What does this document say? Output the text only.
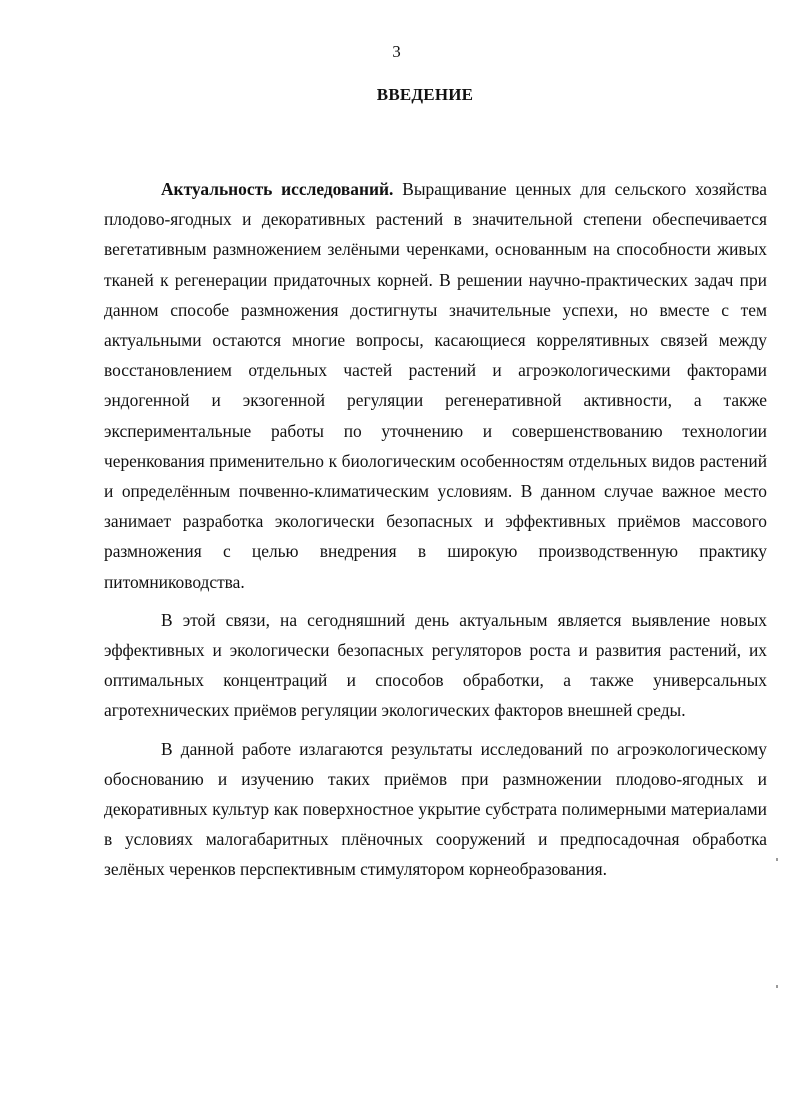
3
ВВЕДЕНИЕ

Актуальность исследований. Выращивание ценных для сельского хозяйства плодово-ягодных и декоративных растений в значительной степени обеспечивается вегетативным размножением зелёными черенками, основанным на способности живых тканей к регенерации придаточных корней. В решении научно-практических задач при данном способе размножения достигнуты значительные успехи, но вместе с тем актуальными остаются многие вопросы, касающиеся коррелятивных связей между восстановлением отдельных частей растений и агроэкологическими факторами эндогенной и экзогенной регуляции регенеративной активности, а также экспериментальные работы по уточнению и совершенствованию технологии черенкования применительно к биологическим особенностям отдельных видов растений и определённым почвенно-климатическим условиям. В данном случае важное место занимает разработка экологически безопасных и эффективных приёмов массового размножения с целью внедрения в широкую производственную практику питомниководства.

В этой связи, на сегодняшний день актуальным является выявление новых эффективных и экологически безопасных регуляторов роста и развития растений, их оптимальных концентраций и способов обработки, а также универсальных агротехнических приёмов регуляции экологических факторов внешней среды.

В данной работе излагаются результаты исследований по агроэкологическому обоснованию и изучению таких приёмов при размножении плодово-ягодных и декоративных культур как поверхностное укрытие субстрата полимерными материалами в условиях малогабаритных плёночных сооружений и предпосадочная обработка зелёных черенков перспективным стимулятором корнеобразования.
